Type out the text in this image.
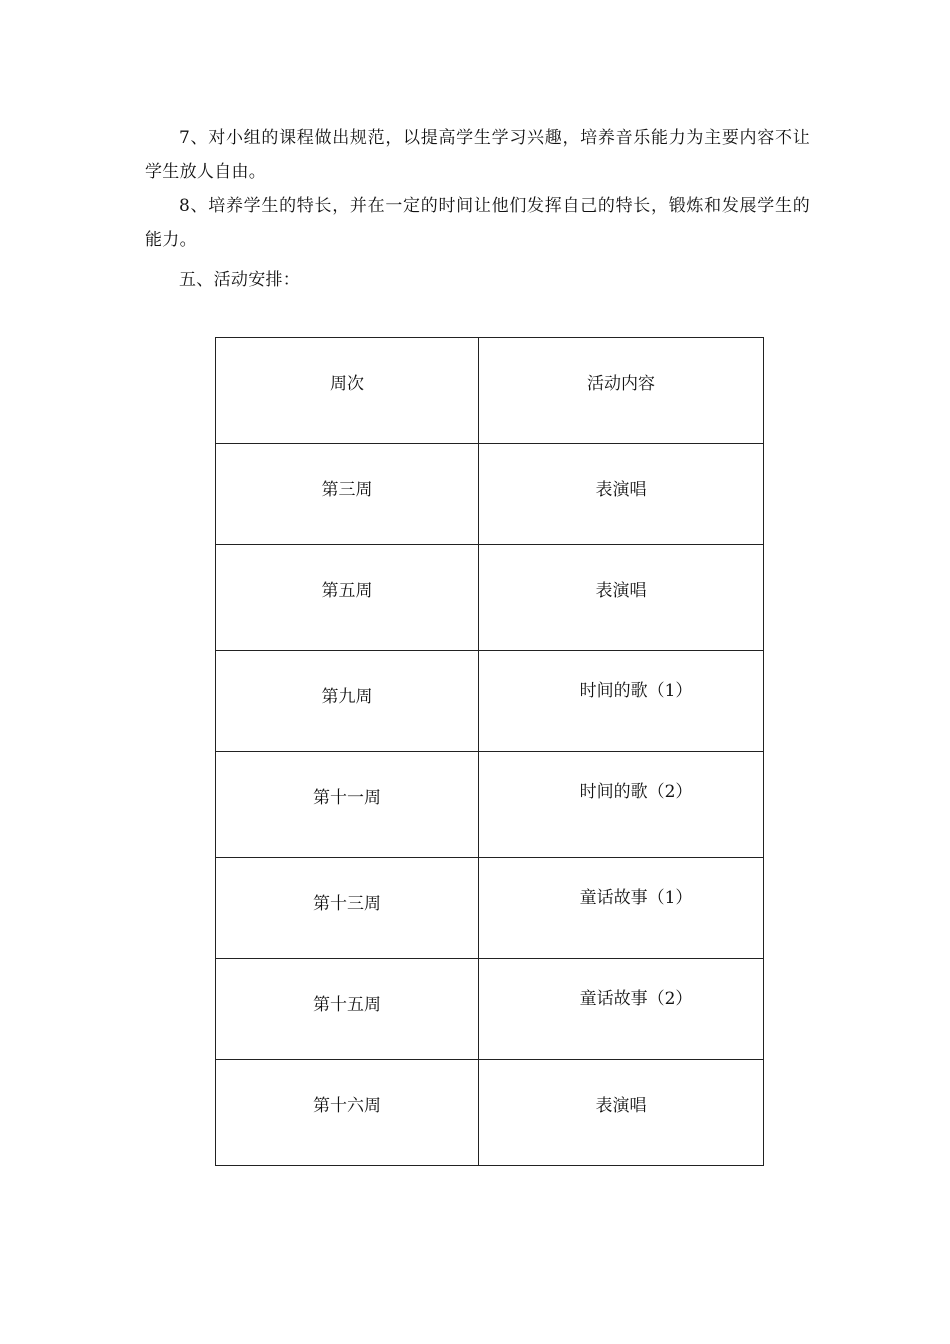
7、对小组的课程做出规范，以提高学生学习兴趣，培养音乐能力为主要内容不让学生放人自由。

8、培养学生的特长，并在一定的时间让他们发挥自己的特长，锻炼和发展学生的能力。

五、活动安排：

周次	活动内容

第三周	表演唱

第五周	表演唱

第九周	时间的歌（1）

第十一周	时间的歌（2）

第十三周	童话故事（1）

第十五周	童话故事（2）

第十六周	表演唱
